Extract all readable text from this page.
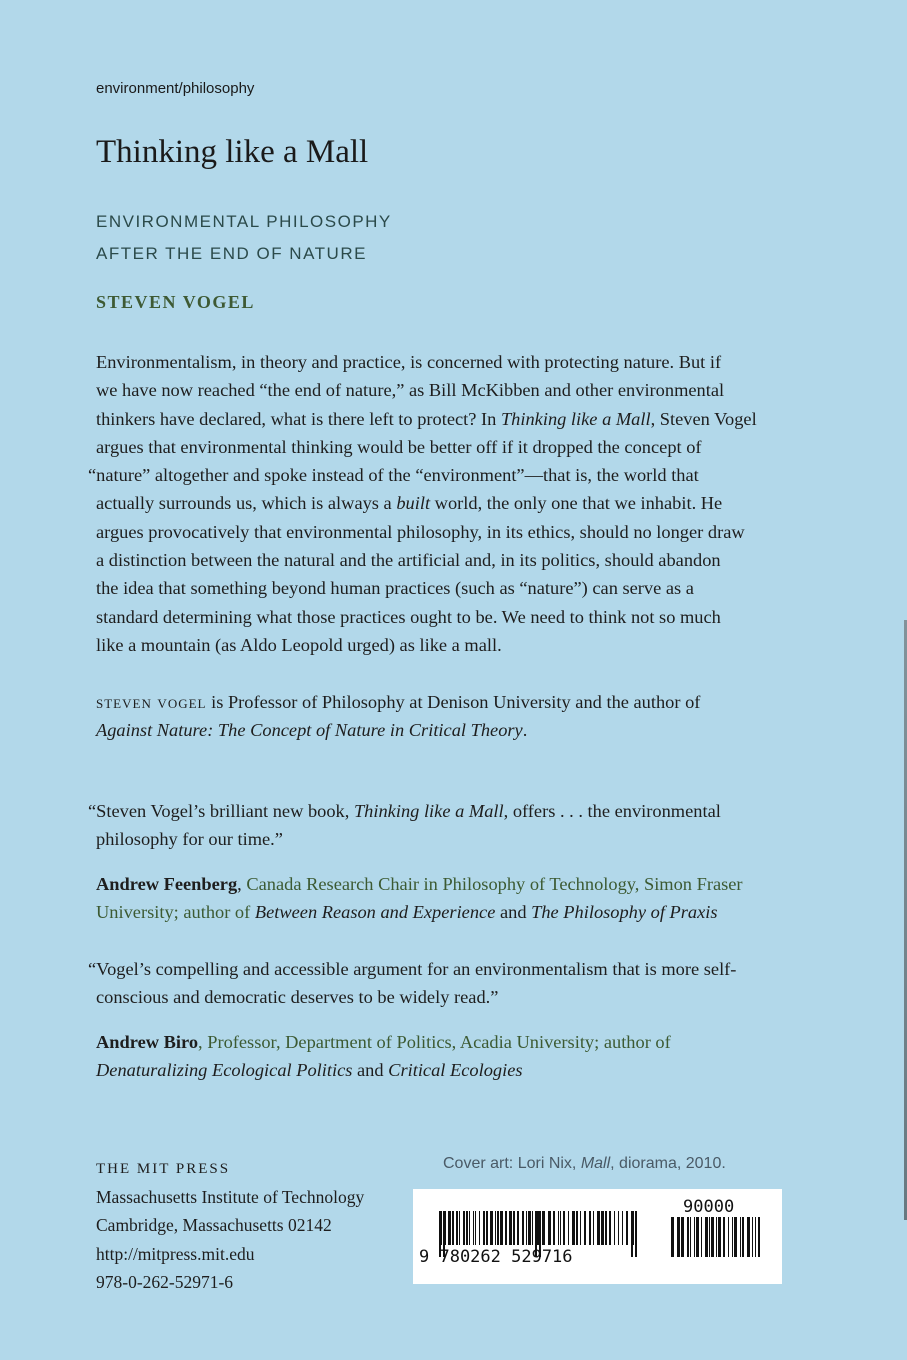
environment/philosophy
Thinking like a Mall
ENVIRONMENTAL PHILOSOPHY
AFTER THE END OF NATURE
STEVEN VOGEL
Environmentalism, in theory and practice, is concerned with protecting nature. But if
we have now reached “the end of nature,” as Bill McKibben and other environmental
thinkers have declared, what is there left to protect? In Thinking like a Mall, Steven Vogel
argues that environmental thinking would be better off if it dropped the concept of
“nature” altogether and spoke instead of the “environment”—that is, the world that
actually surrounds us, which is always a built world, the only one that we inhabit. He
argues provocatively that environmental philosophy, in its ethics, should no longer draw
a distinction between the natural and the artificial and, in its politics, should abandon
the idea that something beyond human practices (such as “nature”) can serve as a
standard determining what those practices ought to be. We need to think not so much
like a mountain (as Aldo Leopold urged) as like a mall.
steven vogel is Professor of Philosophy at Denison University and the author of
Against Nature: The Concept of Nature in Critical Theory.
“Steven Vogel’s brilliant new book, Thinking like a Mall, offers . . . the environmental
philosophy for our time.”
Andrew Feenberg, Canada Research Chair in Philosophy of Technology, Simon Fraser
University; author of Between Reason and Experience and The Philosophy of Praxis
“Vogel’s compelling and accessible argument for an environmentalism that is more self-
conscious and democratic deserves to be widely read.”
Andrew Biro, Professor, Department of Politics, Acadia University; author of
Denaturalizing Ecological Politics and Critical Ecologies
THE MIT PRESS
Massachusetts Institute of Technology
Cambridge, Massachusetts 02142
http://mitpress.mit.edu
978-0-262-52971-6
Cover art: Lori Nix, Mall, diorama, 2010.
9 780262 529716
90000
